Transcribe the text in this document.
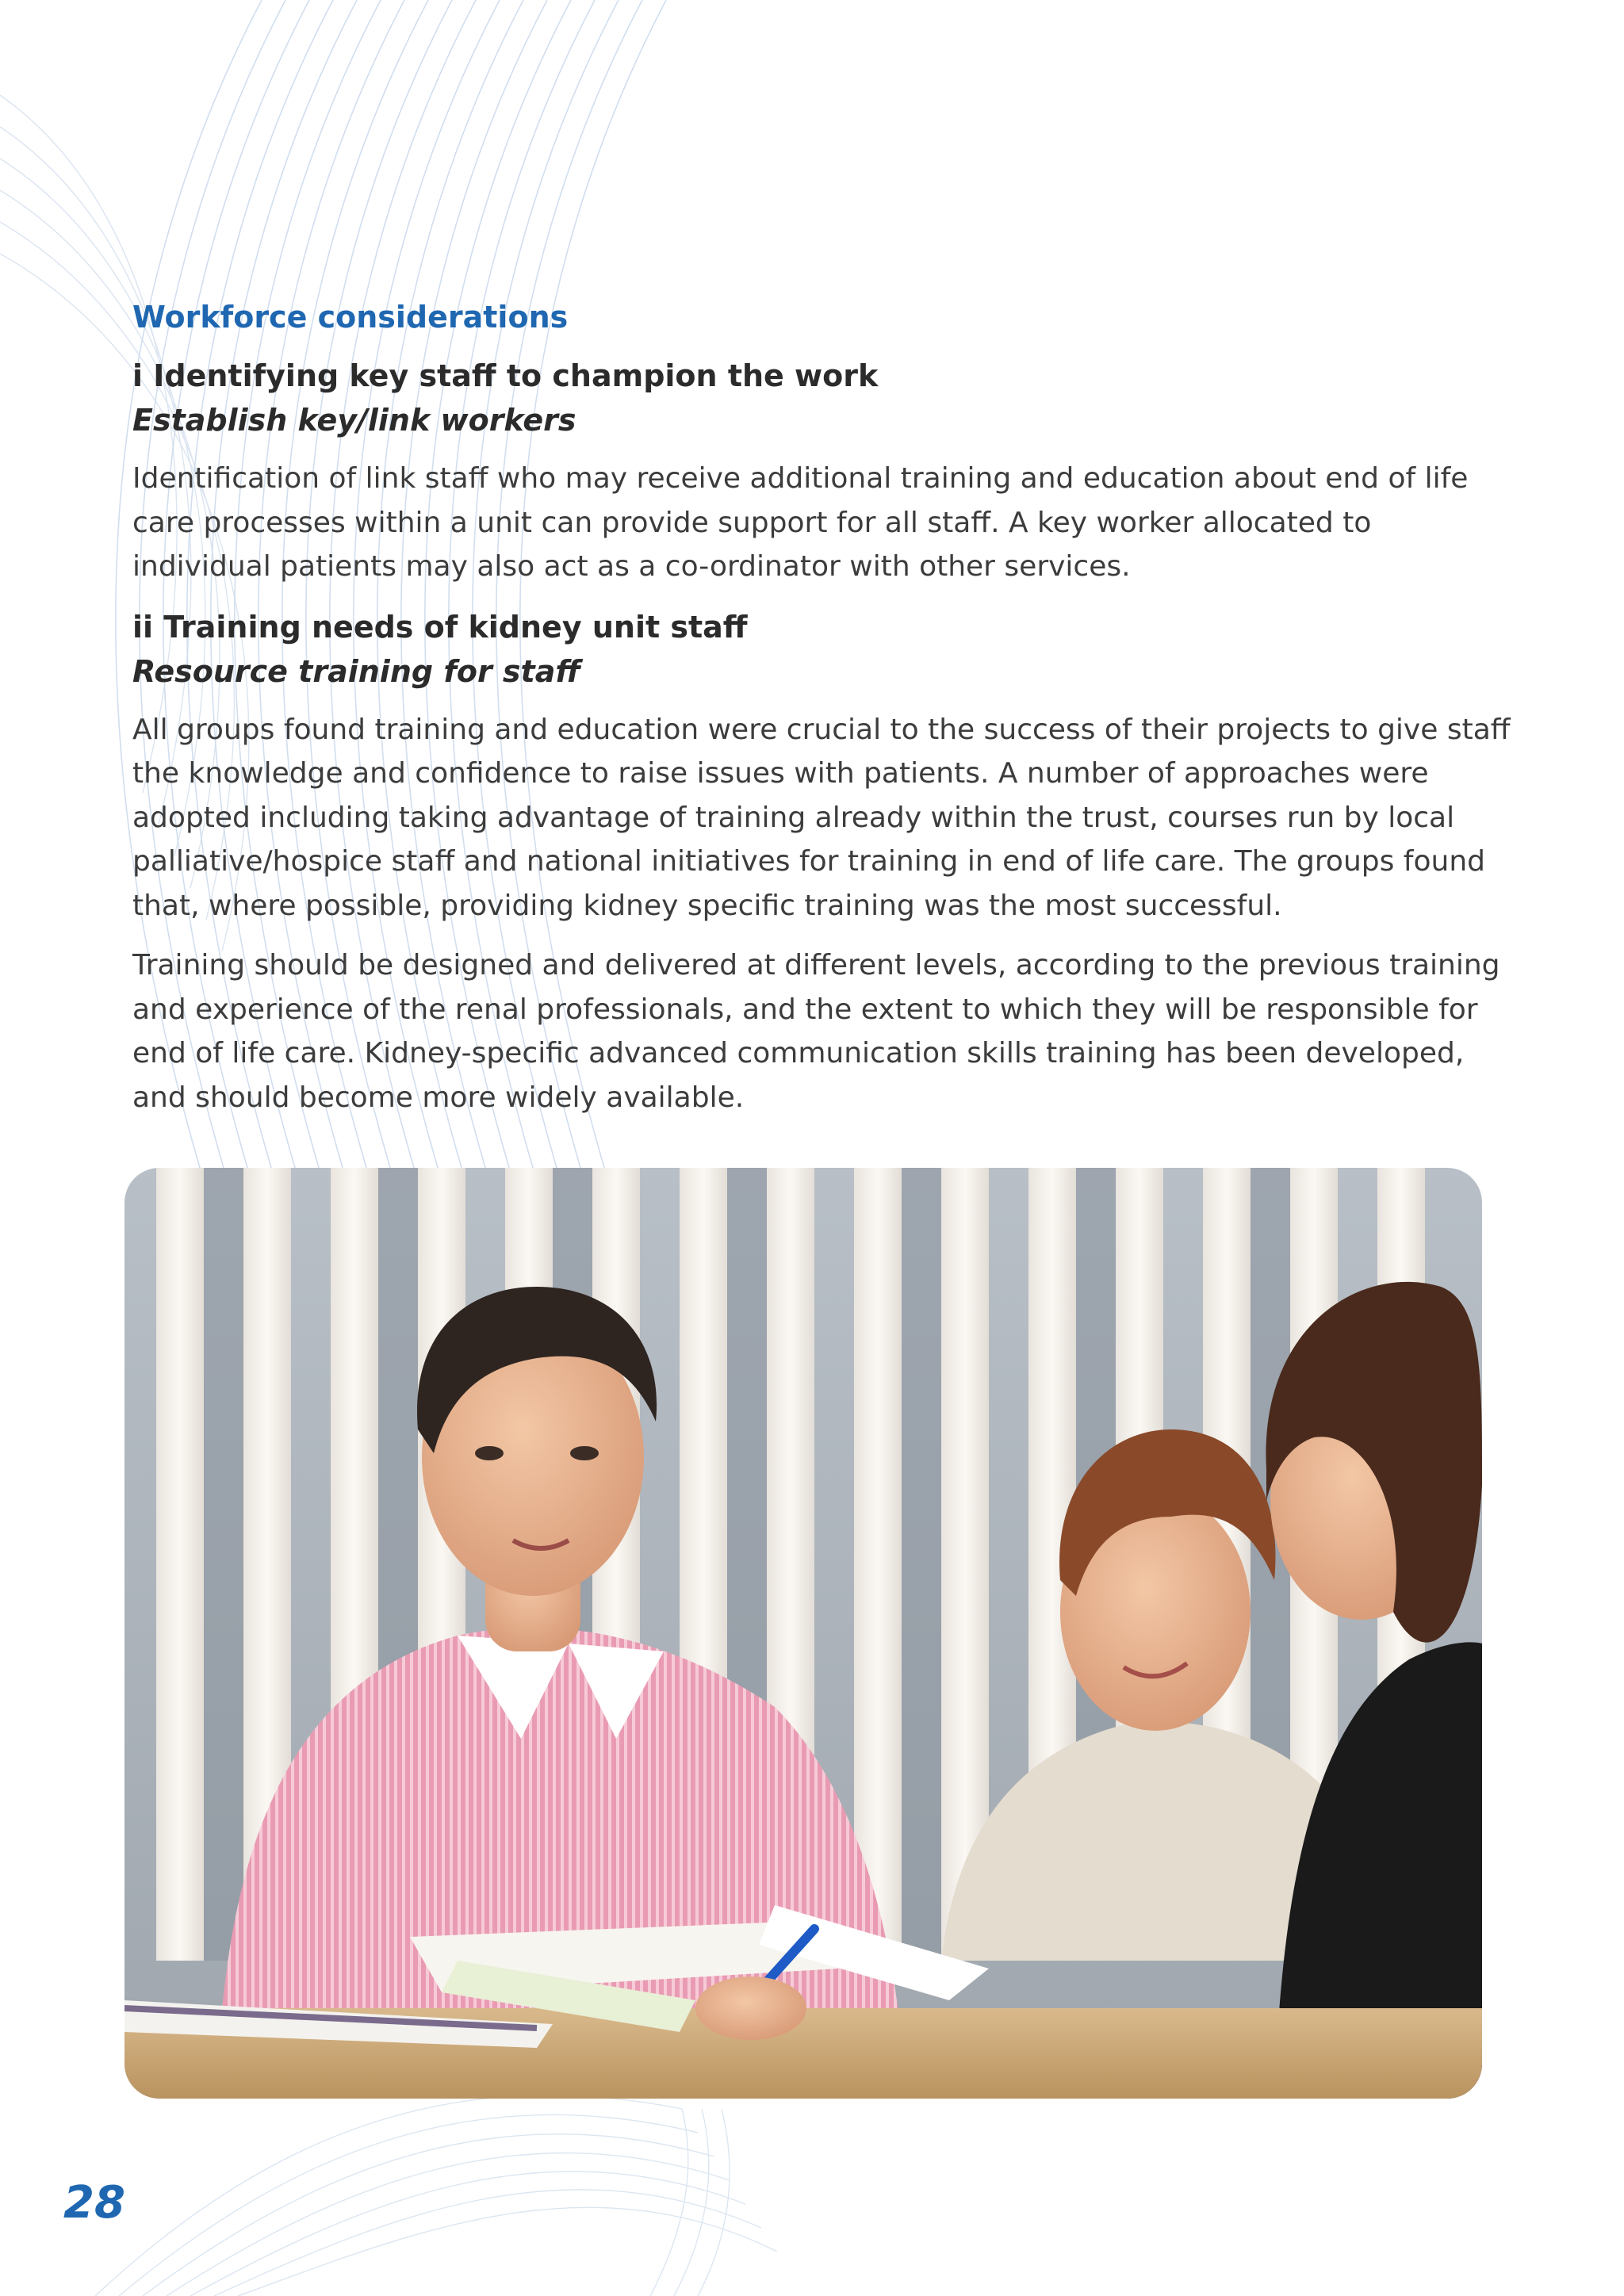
Workforce considerations
i Identifying key staff to champion the work
Establish key/link workers

Identification of link staff who may receive additional training and education about end of life care processes within a unit can provide support for all staff. A key worker allocated to individual patients may also act as a co-ordinator with other services.

ii Training needs of kidney unit staff
Resource training for staff

All groups found training and education were crucial to the success of their projects to give staff the knowledge and confidence to raise issues with patients. A number of approaches were adopted including taking advantage of training already within the trust, courses run by local palliative/hospice staff and national initiatives for training in end of life care. The groups found that, where possible, providing kidney specific training was the most successful.

Training should be designed and delivered at different levels, according to the previous training and experience of the renal professionals, and the extent to which they will be responsible for end of life care. Kidney-specific advanced communication skills training has been developed, and should become more widely available.

28
